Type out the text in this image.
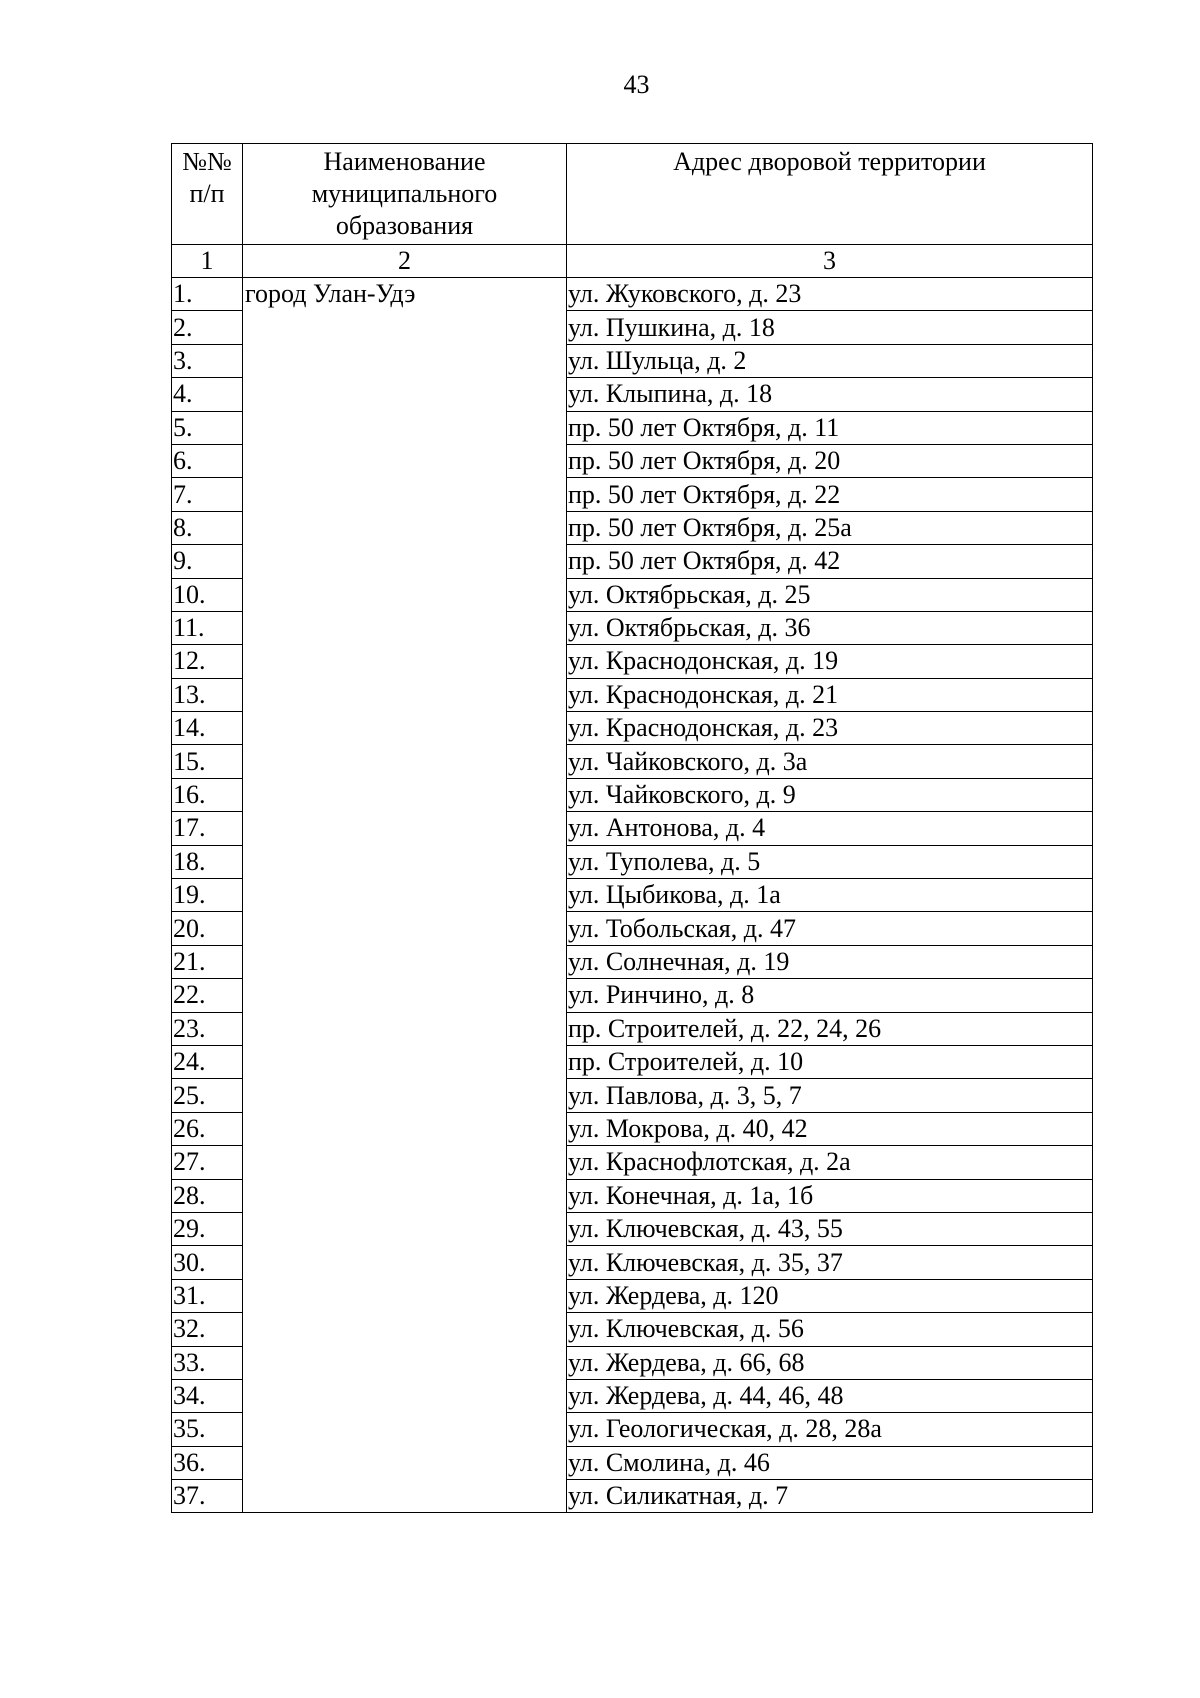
43
№№ п/п	Наименование муниципального образования	Адрес дворовой территории
1	2	3
1.	город Улан-Удэ	ул. Жуковского, д. 23
2.		ул. Пушкина, д. 18
3.		ул. Шульца, д. 2
4.		ул. Клыпина, д. 18
5.		пр. 50 лет Октября, д. 11
6.		пр. 50 лет Октября, д. 20
7.		пр. 50 лет Октября, д. 22
8.		пр. 50 лет Октября, д. 25а
9.		пр. 50 лет Октября, д. 42
10.		ул. Октябрьская, д. 25
11.		ул. Октябрьская, д. 36
12.		ул. Краснодонская, д. 19
13.		ул. Краснодонская, д. 21
14.		ул. Краснодонская, д. 23
15.		ул. Чайковского, д. 3а
16.		ул. Чайковского, д. 9
17.		ул. Антонова, д. 4
18.		ул. Туполева, д. 5
19.		ул. Цыбикова, д. 1а
20.		ул. Тобольская, д. 47
21.		ул. Солнечная, д. 19
22.		ул. Ринчино, д. 8
23.		пр. Строителей, д. 22, 24, 26
24.		пр. Строителей, д. 10
25.		ул. Павлова, д. 3, 5, 7
26.		ул. Мокрова, д. 40, 42
27.		ул. Краснофлотская, д. 2а
28.		ул. Конечная, д. 1а, 1б
29.		ул. Ключевская, д. 43, 55
30.		ул. Ключевская, д. 35, 37
31.		ул. Жердева, д. 120
32.		ул. Ключевская, д. 56
33.		ул. Жердева, д. 66, 68
34.		ул. Жердева, д. 44, 46, 48
35.		ул. Геологическая, д. 28, 28а
36.		ул. Смолина, д. 46
37.		ул. Силикатная, д. 7
